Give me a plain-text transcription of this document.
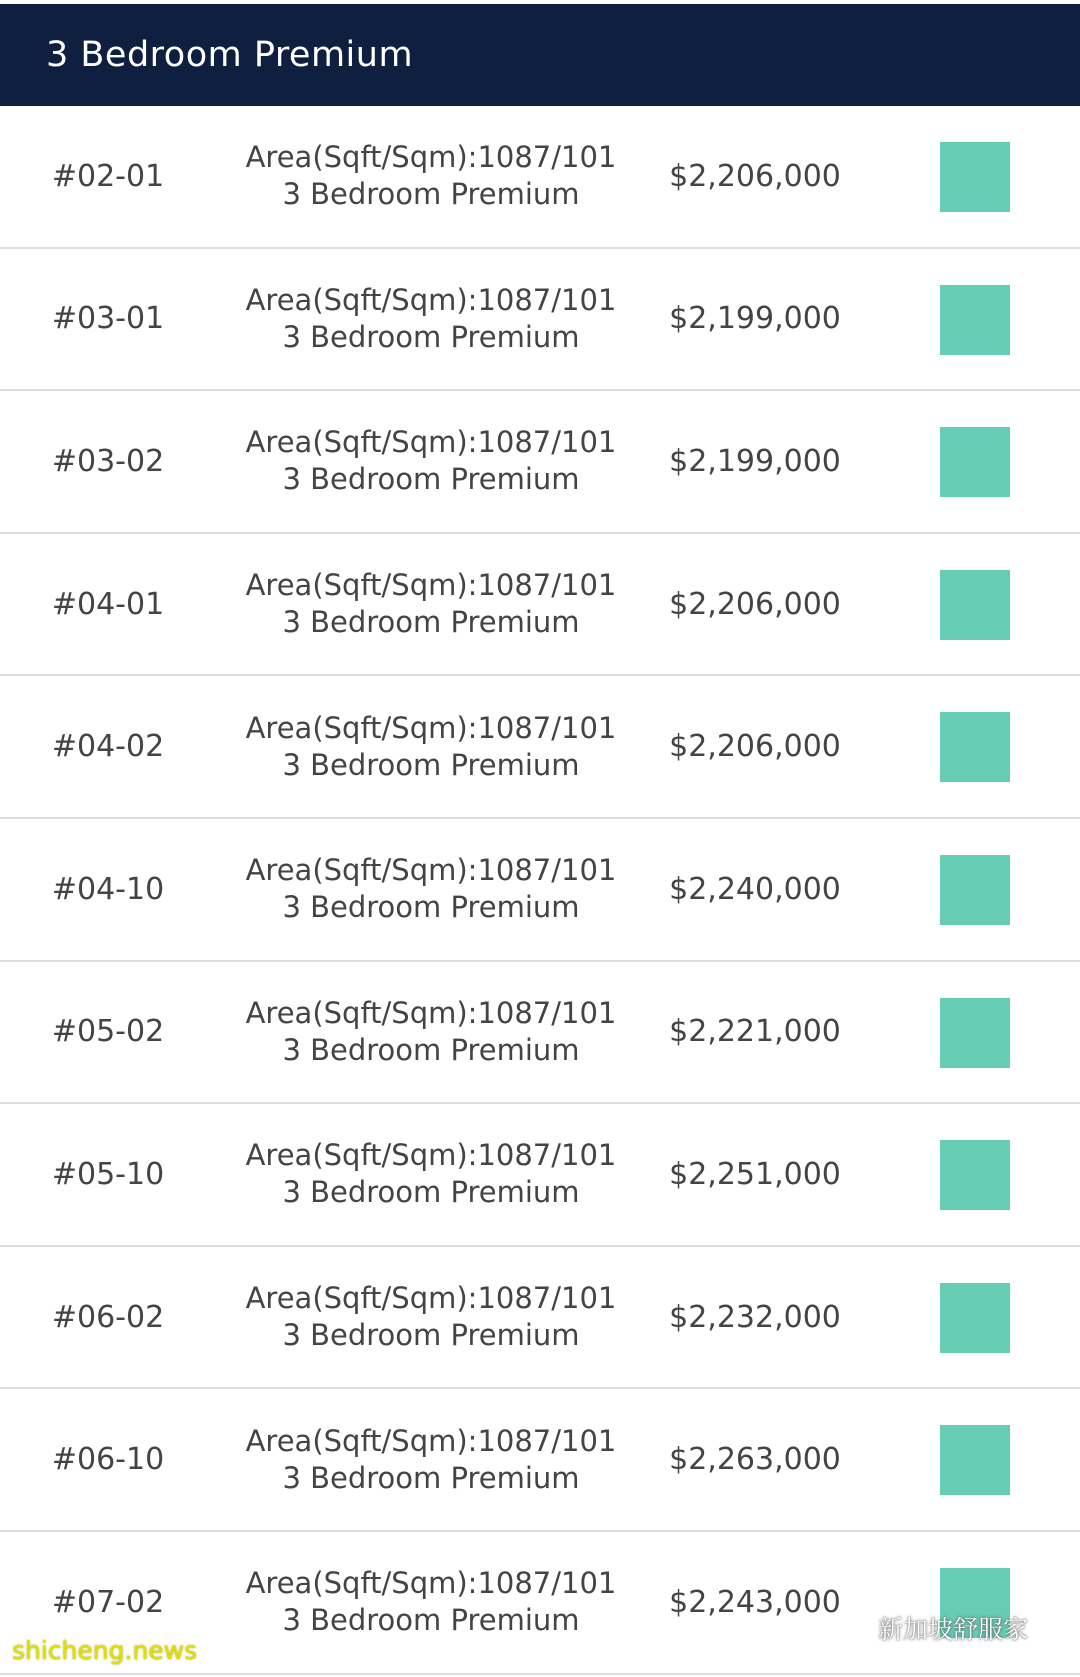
3 Bedroom Premium
#02-01
Area(Sqft/Sqm):1087/101
3 Bedroom Premium
$2,206,000
#03-01
Area(Sqft/Sqm):1087/101
3 Bedroom Premium
$2,199,000
#03-02
Area(Sqft/Sqm):1087/101
3 Bedroom Premium
$2,199,000
#04-01
Area(Sqft/Sqm):1087/101
3 Bedroom Premium
$2,206,000
#04-02
Area(Sqft/Sqm):1087/101
3 Bedroom Premium
$2,206,000
#04-10
Area(Sqft/Sqm):1087/101
3 Bedroom Premium
$2,240,000
#05-02
Area(Sqft/Sqm):1087/101
3 Bedroom Premium
$2,221,000
#05-10
Area(Sqft/Sqm):1087/101
3 Bedroom Premium
$2,251,000
#06-02
Area(Sqft/Sqm):1087/101
3 Bedroom Premium
$2,232,000
#06-10
Area(Sqft/Sqm):1087/101
3 Bedroom Premium
$2,263,000
#07-02
Area(Sqft/Sqm):1087/101
3 Bedroom Premium
$2,243,000
shicheng.news
新加坡舒服家
